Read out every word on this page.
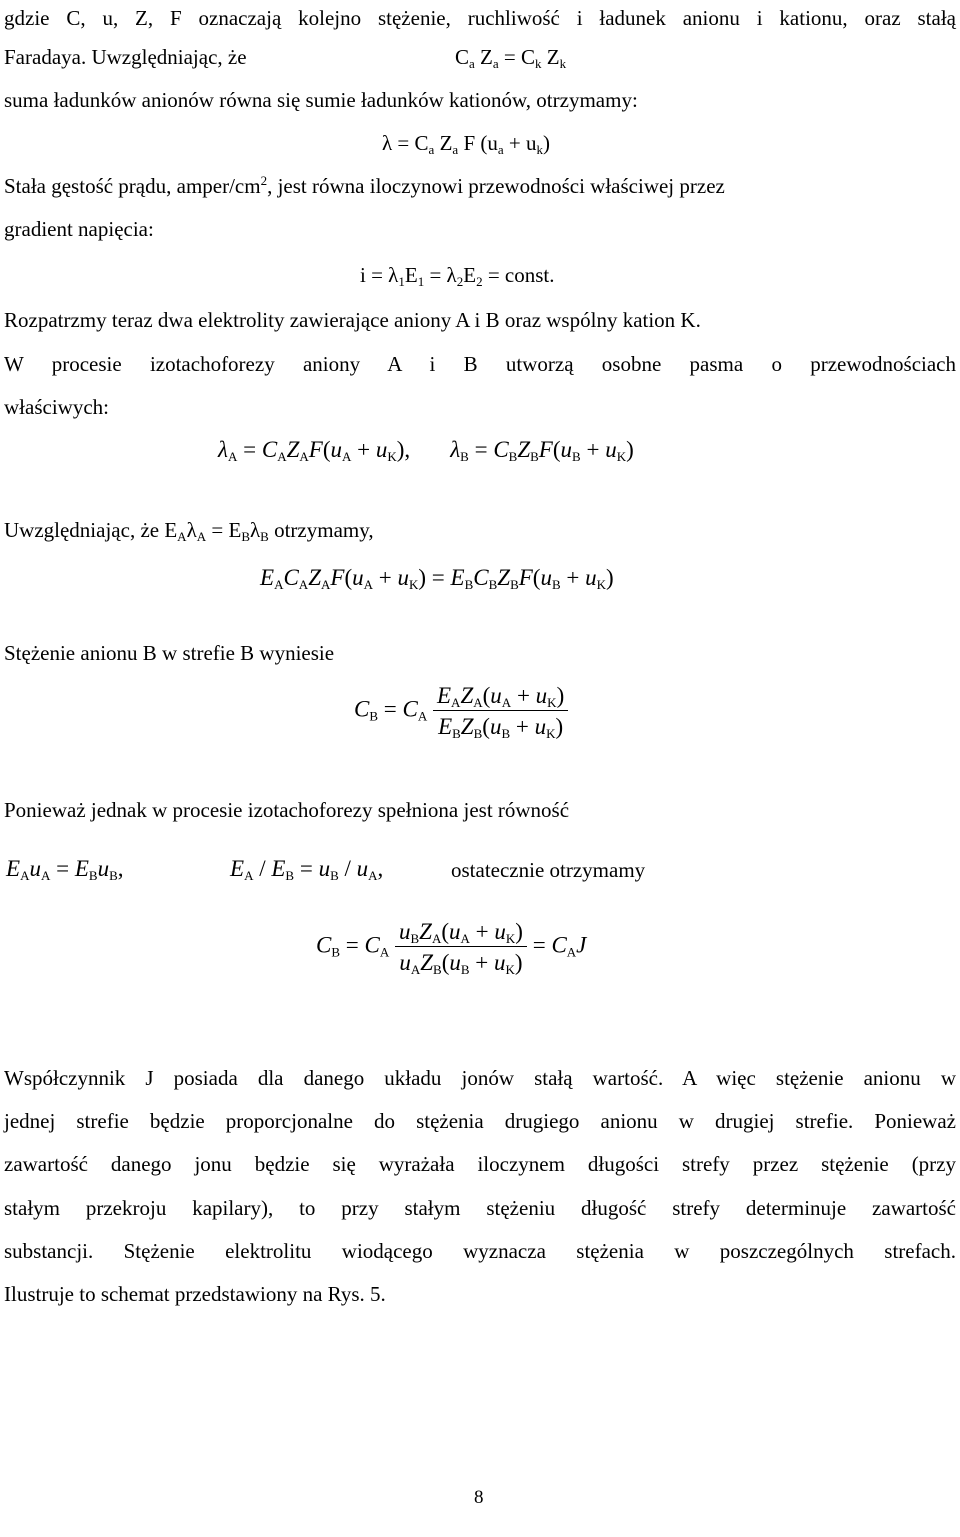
gdzie C, u, Z, F oznaczają kolejno stężenie, ruchliwość i ładunek anionu i kationu, oraz stałą
Faradaya. Uwzględniając, że	$C_a$ $Z_a = C_k$ $Z_k$
suma ładunków anionów równa się sumie ładunków kationów, otrzymamy:
$\lambda = C_a$ $Z_a$ F $(u_a + u_k)$
Stała gęstość prądu, amper/$cm^2$, jest równa iloczynowi przewodności właściwej przez
gradient napięcia:
$i = \lambda_1E_1 = \lambda_2E_2$ = const.
Rozpatrzmy teraz dwa elektrolity zawierające aniony A i B oraz wspólny kation K.
W procesie izotachoforezy aniony A i B utworzą osobne pasma o przewodnościach
właściwych:
$\lambda_A = C_AZ_AF(u_A + u_K)$, $\lambda_B = C_BZ_BF(u_B + u_K)$
Uwzględniając, że $E_A\lambda_A = E_B\lambda_B$ otrzymamy,
$E_AC_AZ_AF(u_A + u_K) = E_BC_BZ_BF(u_B + u_K)$
Stężenie anionu B w strefie B wyniesie
$C_B = C_A \frac{E_AZ_A(u_A + u_K)}{E_BZ_B(u_B + u_K)}$
Ponieważ jednak w procesie izotachoforezy spełniona jest równość
$E_Au_A = E_Bu_B$,	$E_A / E_B = u_B / u_A$,	ostatecznie otrzymamy
$C_B = C_A \frac{u_BZ_A(u_A + u_K)}{u_AZ_B(u_B + u_K)} = C_AJ$
Współczynnik J posiada dla danego układu jonów stałą wartość. A więc stężenie anionu w
jednej strefie będzie proporcjonalne do stężenia drugiego anionu w drugiej strefie. Ponieważ
zawartość danego jonu będzie się wyrażała iloczynem długości strefy przez stężenie (przy
stałym przekroju kapilary), to przy stałym stężeniu długość strefy determinuje zawartość
substancji. Stężenie elektrolitu wiodącego wyznacza stężenia w poszczególnych strefach.
Ilustruje to schemat przedstawiony na Rys. 5.
8
